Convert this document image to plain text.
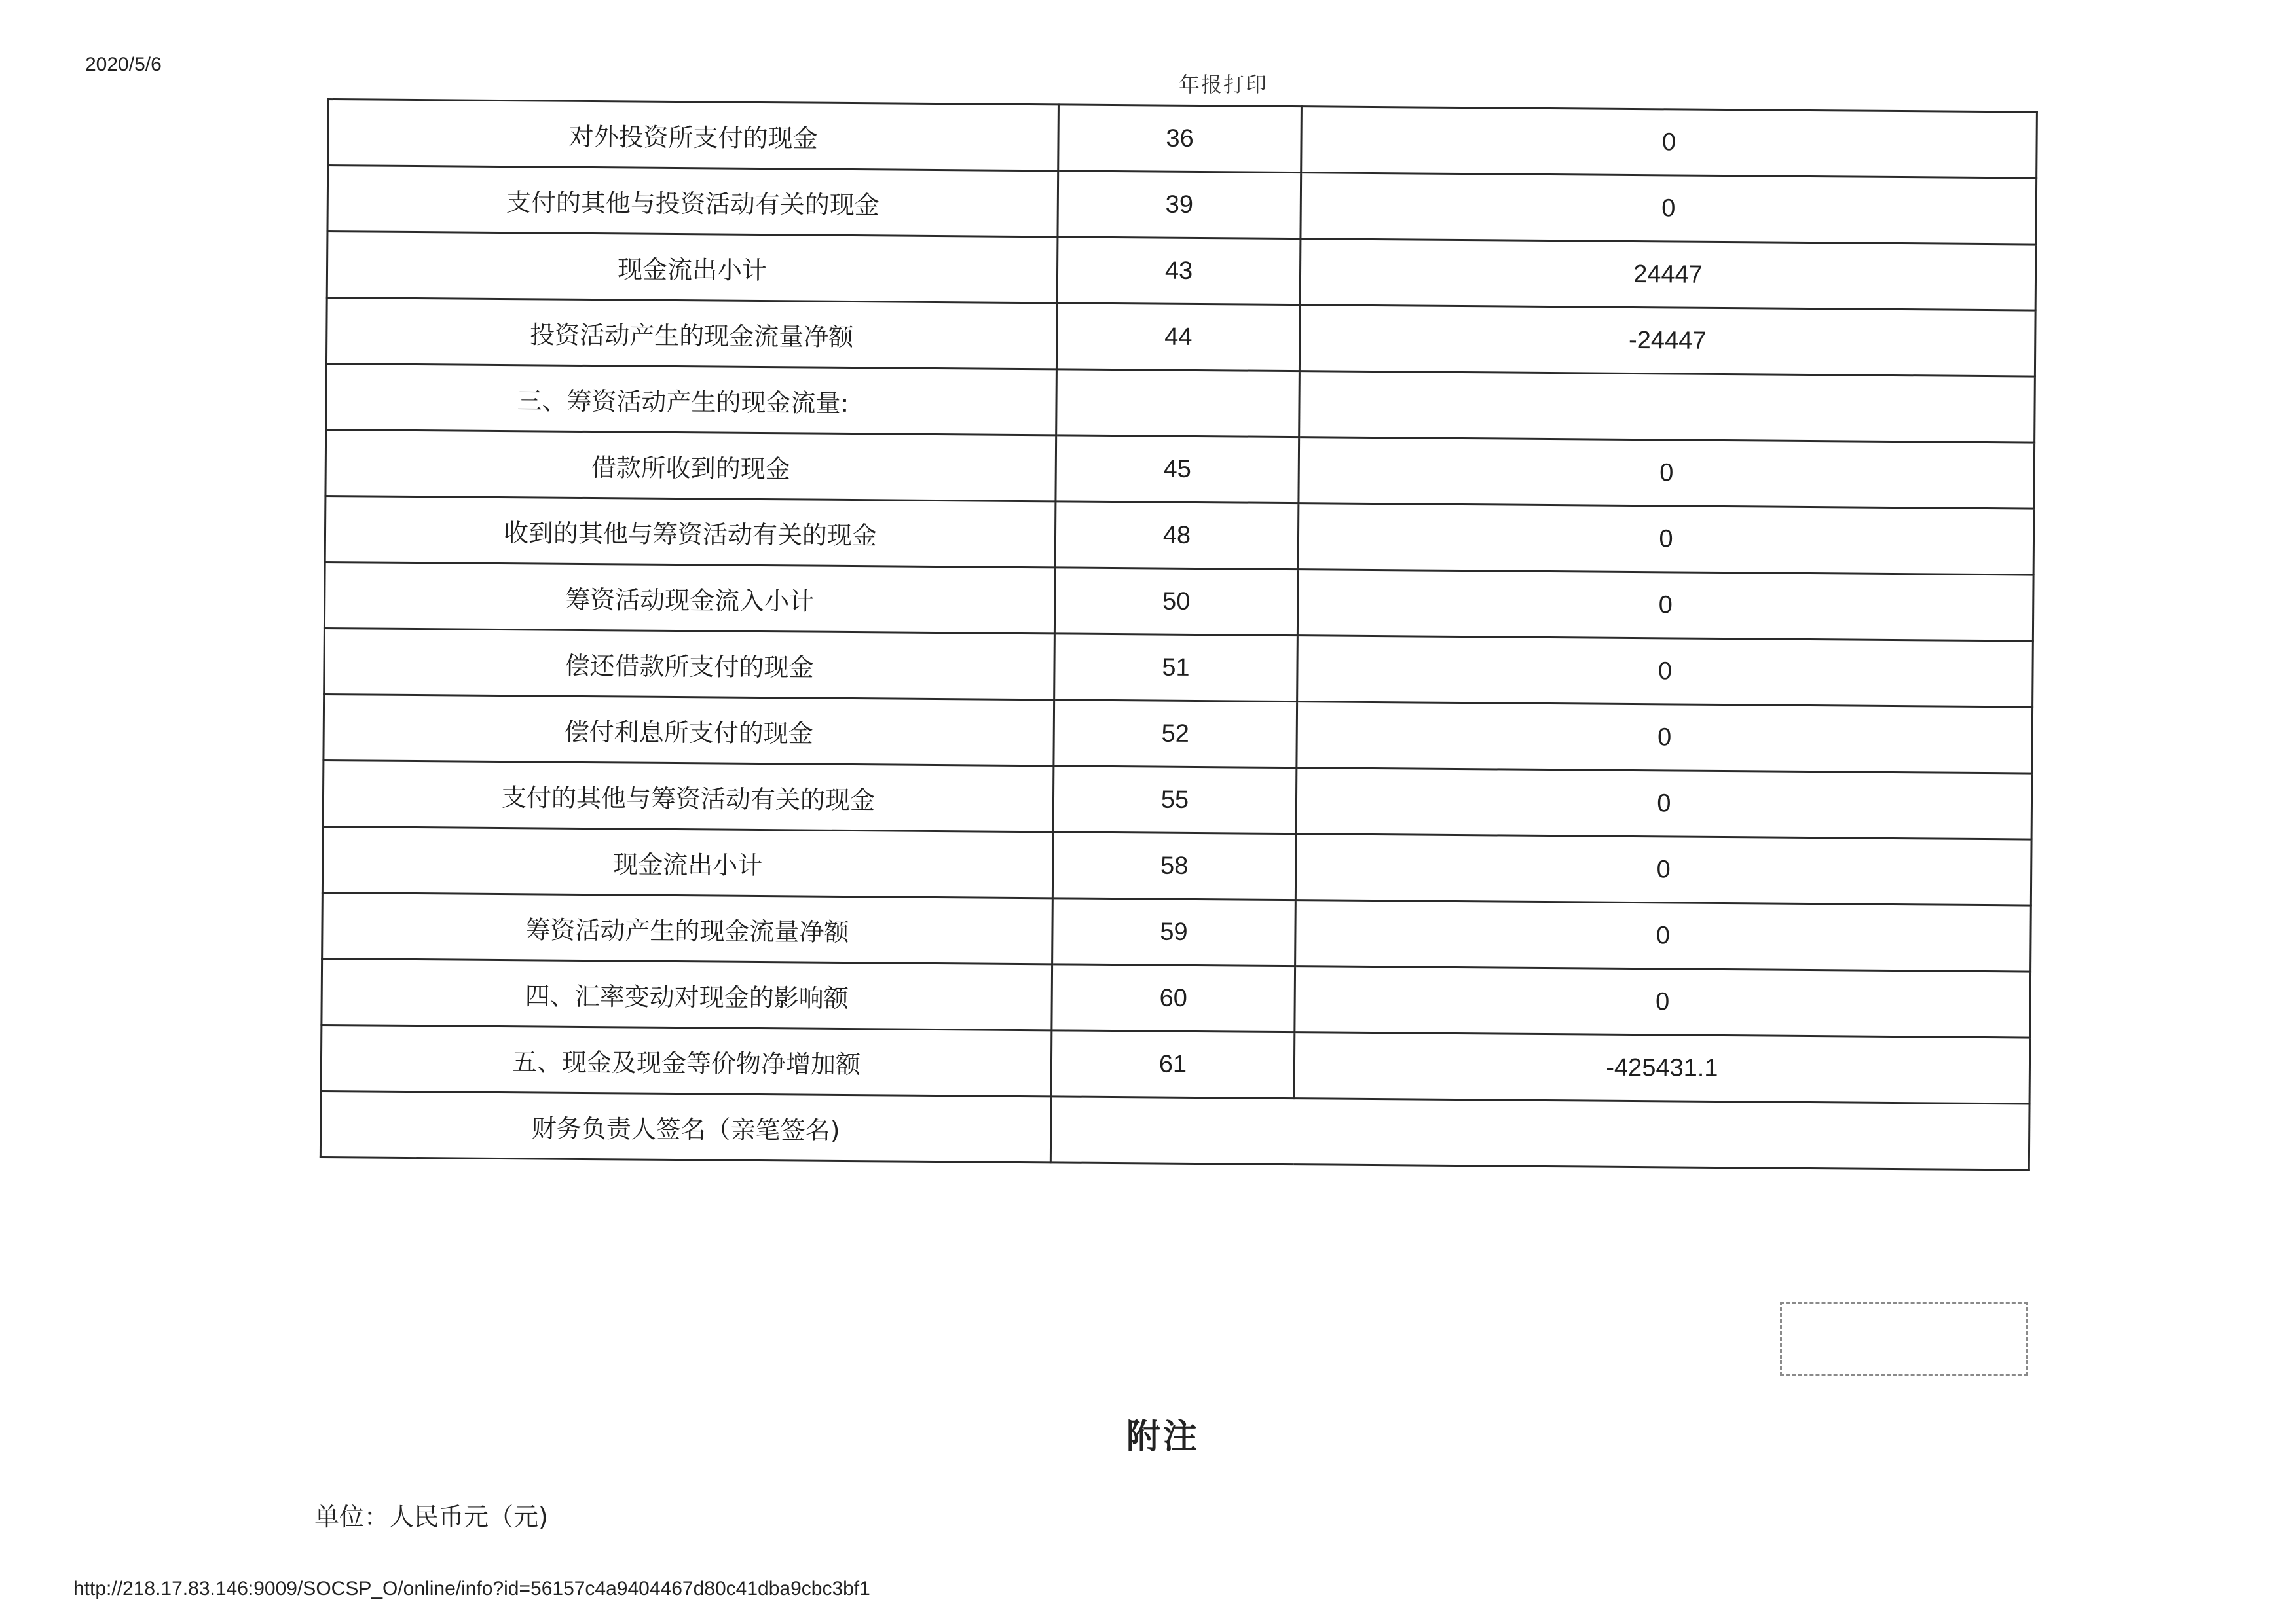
2020/5/6
年报打印
对外投资所支付的现金	36	0
支付的其他与投资活动有关的现金	39	0
现金流出小计	43	24447
投资活动产生的现金流量净额	44	-24447
三、筹资活动产生的现金流量:		
借款所收到的现金	45	0
收到的其他与筹资活动有关的现金	48	0
筹资活动现金流入小计	50	0
偿还借款所支付的现金	51	0
偿付利息所支付的现金	52	0
支付的其他与筹资活动有关的现金	55	0
现金流出小计	58	0
筹资活动产生的现金流量净额	59	0
四、汇率变动对现金的影响额	60	0
五、现金及现金等价物净增加额	61	-425431.1
财务负责人签名（亲笔签名)		
附注
单位：人民币元（元)
http://218.17.83.146:9009/SOCSP_O/online/info?id=56157c4a9404467d80c41dba9cbc3bf1
